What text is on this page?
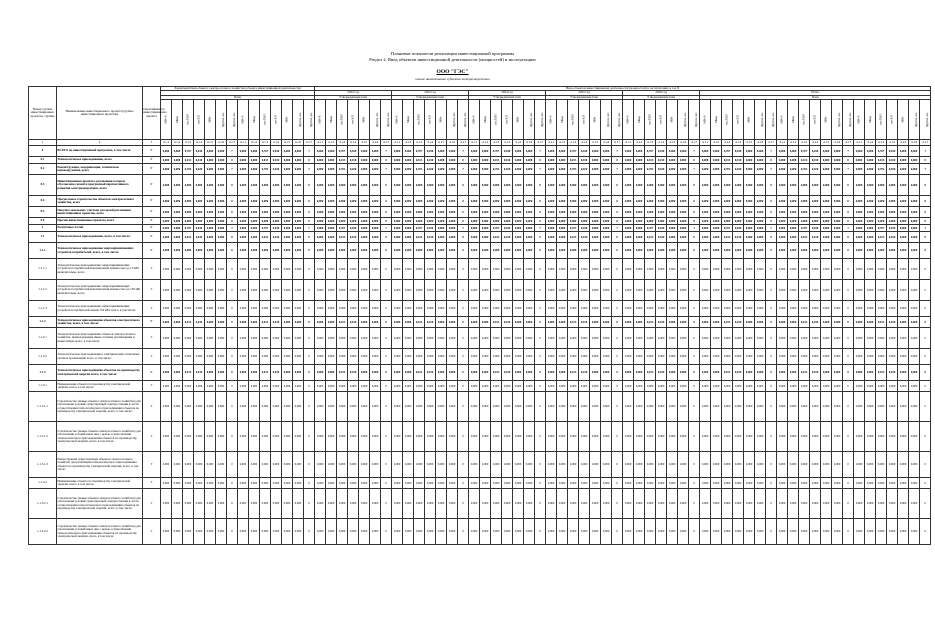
Плановые показатели реализации инвестиционной программы
Раздел 2. Ввод объектов инвестиционной деятельности (мощностей) в эксплуатацию
ООО "ГЭС"
полное наименование субъекта электроэнергетики
Номер группы инвестиционных проектов, группы	Наименование инвестиционного проекта (группы инвестиционных проектов)	Идентификатор инвестиционного проекта	Характеристики объекта электросетевого хозяйства (объекта инвестиционной деятельности)	Ввод объектов инвестиционной деятельности (мощностей) в эксплуатацию в год N
	2022 год	2023 год	2024 год	2025 год	2026 год	Итого
План	Утвержденный план	Утвержденный план	Утвержденный план	Утвержденный план	Утвержденный план	План
МВ×А	Мвар	км ЛЭП	км КЛ	МВт	Другое, шт.	Другое, шт.	МВ×А	Мвар	км ЛЭП	км КЛ	МВт	Другое, шт.	Другое, шт.	МВ×А	Мвар	км ЛЭП	км КЛ	МВт	Другое, шт.	Другое, шт.	МВ×А	Мвар	км ЛЭП	км КЛ	МВт	Другое, шт.	Другое, шт.	МВ×А	Мвар	км ЛЭП	км КЛ	МВт	Другое, шт.	Другое, шт.	МВ×А	Мвар	км ЛЭП	км КЛ	МВт	Другое, шт.	Другое, шт.	МВ×А	Мвар	км ЛЭП	км КЛ	МВт	Другое, шт.	Другое, шт.	МВ×А	Мвар	км ЛЭП	км КЛ	МВт	Другое, шт.	Другое, шт.	МВ×А	Мвар	км ЛЭП	км КЛ	МВт	Другое, шт.	Другое, шт.	МВ×А	Мвар	км ЛЭП	км КЛ	МВт	Другое, шт.	Другое, шт.
1	2	3	4.1.1	4.1.2	4.1.3	4.1.4	4.1.5	4.1.6	4.1.7	4.1.1	4.1.2	4.1.3	4.1.4	4.1.5	4.1.6	4.1.7	4.1.1	4.1.2	4.1.3	4.1.4	4.1.5	4.1.6	4.1.7	4.1.1	4.1.2	4.1.3	4.1.4	4.1.5	4.1.6	4.1.7	4.1.1	4.1.2	4.1.3	4.1.4	4.1.5	4.1.6	4.1.7	4.1.1	4.1.2	4.1.3	4.1.4	4.1.5	4.1.6	4.1.7	4.1.1	4.1.2	4.1.3	4.1.4	4.1.5	4.1.6	4.1.7	4.1.1	4.1.2	4.1.3	4.1.4	4.1.5	4.1.6	4.1.7	4.1.1	4.1.2	4.1.3	4.1.4	4.1.5	4.1.6	4.1.7	4.1.1	4.1.2	4.1.3	4.1.4	4.1.5	4.1.6	4.1.7
0	ВСЕГО по инвестиционной программе, в том числе:	Г	0,000	0,000	0,707	0,030	0,000	0,000	7	0,000	0,000	0,707	0,030	0,000	0,000	7	0,000	0,000	0,707	0,030	0,000	0,000	7	0,000	0,000	0,707	0,030	0,000	0,000	7	0,000	0,000	0,707	0,030	0,000	0,000	7	0,000	0,000	0,707	0,030	0,000	0,000	7	0,000	0,000	0,707	0,030	0,000	0,000	7	0,000	0,000	0,707	0,030	0,000	0,000	7	0,000	0,000	0,707	0,030	0,000	0,000	7	0,000	0,000	0,707	0,030	0,000	0,000	7
0.1	Технологическое присоединение, всего	Г	0,000	0,000	0,013	0,010	0,000	0,000	0	0,000	0,000	0,013	0,010	0,000	0,000	0	0,000	0,000	0,013	0,010	0,000	0,000	0	0,000	0,000	0,013	0,010	0,000	0,000	0	0,000	0,000	0,013	0,010	0,000	0,000	0	0,000	0,000	0,013	0,010	0,000	0,000	0	0,000	0,000	0,013	0,010	0,000	0,000	0	0,000	0,000	0,013	0,010	0,000	0,000	0	0,000	0,000	0,013	0,010	0,000	0,000	0	0,000	0,000	0,013	0,010	0,000	0,000	0
0.2	Реконструкция, модернизация, техническое перевооружение, всего	Г	0,000	0,000	0,703	0,020	0,000	0,000	7	0,000	0,000	0,703	0,020	0,000	0,000	7	0,000	0,000	0,703	0,020	0,000	0,000	7	0,000	0,000	0,703	0,020	0,000	0,000	7	0,000	0,000	0,703	0,020	0,000	0,000	7	0,000	0,000	0,703	0,020	0,000	0,000	7	0,000	0,000	0,703	0,020	0,000	0,000	7	0,000	0,000	0,703	0,020	0,000	0,000	7	0,000	0,000	0,703	0,020	0,000	0,000	7	0,000	0,000	0,703	0,020	0,000	0,000	7
0.3	Инвестиционные проекты, реализация которых обусловлена схемой и программой перспективного развития электроэнергетики, всего	Г	0,000	0,000	0,000	0,000	0,000	0,000	0	0,000	0,000	0,000	0,000	0,000	0,000	0	0,000	0,000	0,000	0,000	0,000	0,000	0	0,000	0,000	0,000	0,000	0,000	0,000	0	0,000	0,000	0,000	0,000	0,000	0,000	0	0,000	0,000	0,000	0,000	0,000	0,000	0	0,000	0,000	0,000	0,000	0,000	0,000	0	0,000	0,000	0,000	0,000	0,000	0,000	0	0,000	0,000	0,000	0,000	0,000	0,000	0	0,000	0,000	0,000	0,000	0,000	0,000	0
0.4	Прочее новое строительство объектов электросетевого хозяйства, всего	Г	0,000	0,000	0,000	0,000	0,000	0,000	0	0,000	0,000	0,000	0,000	0,000	0,000	0	0,000	0,000	0,000	0,000	0,000	0,000	0	0,000	0,000	0,000	0,000	0,000	0,000	0	0,000	0,000	0,000	0,000	0,000	0,000	0	0,000	0,000	0,000	0,000	0,000	0,000	0	0,000	0,000	0,000	0,000	0,000	0,000	0	0,000	0,000	0,000	0,000	0,000	0,000	0	0,000	0,000	0,000	0,000	0,000	0,000	0	0,000	0,000	0,000	0,000	0,000	0,000	0
0.5	Покупка земельных участков для целей реализации инвестиционных проектов, всего	Г	0,000	0,000	0,000	0,000	0,000	0,000	0	0,000	0,000	0,000	0,000	0,000	0,000	0	0,000	0,000	0,000	0,000	0,000	0,000	0	0,000	0,000	0,000	0,000	0,000	0,000	0	0,000	0,000	0,000	0,000	0,000	0,000	0	0,000	0,000	0,000	0,000	0,000	0,000	0	0,000	0,000	0,000	0,000	0,000	0,000	0	0,000	0,000	0,000	0,000	0,000	0,000	0	0,000	0,000	0,000	0,000	0,000	0,000	0	0,000	0,000	0,000	0,000	0,000	0,000	0
0.6	Прочие инвестиционные проекты, всего	Г	0,000	0,000	0,000	0,000	0,000	0,000	0	0,000	0,000	0,000	0,000	0,000	0,000	0	0,000	0,000	0,000	0,000	0,000	0,000	0	0,000	0,000	0,000	0,000	0,000	0,000	0	0,000	0,000	0,000	0,000	0,000	0,000	0	0,000	0,000	0,000	0,000	0,000	0,000	0	0,000	0,000	0,000	0,000	0,000	0,000	0	0,000	0,000	0,000	0,000	0,000	0,000	0	0,000	0,000	0,000	0,000	0,000	0,000	0	0,000	0,000	0,000	0,000	0,000	0,000	0
1	Республика Алтай	Г	0,000	0,000	0,707	0,030	0,000	0,000	7	0,000	0,000	0,707	0,030	0,000	0,000	7	0,000	0,000	0,707	0,030	0,000	0,000	7	0,000	0,000	0,707	0,030	0,000	0,000	7	0,000	0,000	0,707	0,030	0,000	0,000	7	0,000	0,000	0,707	0,030	0,000	0,000	7	0,000	0,000	0,707	0,030	0,000	0,000	7	0,000	0,000	0,707	0,030	0,000	0,000	7	0,000	0,000	0,707	0,030	0,000	0,000	7	0,000	0,000	0,707	0,030	0,000	0,000	7
1.1	Технологическое присоединение, всего, в том числе:	Г	0,000	0,000	0,013	0,010	0,000	0,000	0	0,000	0,000	0,013	0,010	0,000	0,000	0	0,000	0,000	0,013	0,010	0,000	0,000	0	0,000	0,000	0,013	0,010	0,000	0,000	0	0,000	0,000	0,013	0,010	0,000	0,000	0	0,000	0,000	0,013	0,010	0,000	0,000	0	0,000	0,000	0,013	0,010	0,000	0,000	0	0,000	0,000	0,013	0,010	0,000	0,000	0	0,000	0,000	0,013	0,010	0,000	0,000	0	0,000	0,000	0,013	0,010	0,000	0,000	0
1.1.1	Технологическое присоединение энергопринимающих устройств потребителей, всего, в том числе:	Г	0,000	0,000	0,000	0,000	0,000	0,000	0	0,000	0,000	0,000	0,000	0,000	0,000	0	0,000	0,000	0,000	0,000	0,000	0,000	0	0,000	0,000	0,000	0,000	0,000	0,000	0	0,000	0,000	0,000	0,000	0,000	0,000	0	0,000	0,000	0,000	0,000	0,000	0,000	0	0,000	0,000	0,000	0,000	0,000	0,000	0	0,000	0,000	0,000	0,000	0,000	0,000	0	0,000	0,000	0,000	0,000	0,000	0,000	0	0,000	0,000	0,000	0,000	0,000	0,000	0
1.1.1.1	Технологическое присоединение энергопринимающих устройств потребителей максимальной мощностью до 15 кВт включительно, всего	Г	0,000	0,000	0,000	0,000	0,000	0,000	0	0,000	0,000	0,000	0,000	0,000	0,000	0	0,000	0,000	0,000	0,000	0,000	0,000	0	0,000	0,000	0,000	0,000	0,000	0,000	0	0,000	0,000	0,000	0,000	0,000	0,000	0	0,000	0,000	0,000	0,000	0,000	0,000	0	0,000	0,000	0,000	0,000	0,000	0,000	0	0,000	0,000	0,000	0,000	0,000	0,000	0	0,000	0,000	0,000	0,000	0,000	0,000	0	0,000	0,000	0,000	0,000	0,000	0,000	0
1.1.1.2	Технологическое присоединение энергопринимающих устройств потребителей максимальной мощностью до 150 кВт включительно, всего	Г	0,000	0,000	0,000	0,000	0,000	0,000	0	0,000	0,000	0,000	0,000	0,000	0,000	0	0,000	0,000	0,000	0,000	0,000	0,000	0	0,000	0,000	0,000	0,000	0,000	0,000	0	0,000	0,000	0,000	0,000	0,000	0,000	0	0,000	0,000	0,000	0,000	0,000	0,000	0	0,000	0,000	0,000	0,000	0,000	0,000	0	0,000	0,000	0,000	0,000	0,000	0,000	0	0,000	0,000	0,000	0,000	0,000	0,000	0	0,000	0,000	0,000	0,000	0,000	0,000	0
1.1.1.3	Технологическое присоединение энергопринимающих устройств потребителей свыше 150 кВт, всего, в том числе:	Г	0,000	0,000	0,000	0,000	0,000	0,000	0	0,000	0,000	0,000	0,000	0,000	0,000	0	0,000	0,000	0,000	0,000	0,000	0,000	0	0,000	0,000	0,000	0,000	0,000	0,000	0	0,000	0,000	0,000	0,000	0,000	0,000	0	0,000	0,000	0,000	0,000	0,000	0,000	0	0,000	0,000	0,000	0,000	0,000	0,000	0	0,000	0,000	0,000	0,000	0,000	0,000	0	0,000	0,000	0,000	0,000	0,000	0,000	0	0,000	0,000	0,000	0,000	0,000	0,000	0
1.1.2	Технологическое присоединение объектов электросетевого хозяйства, всего, в том числе:	Г	0,000	0,000	0,013	0,010	0,000	0,000	0	0,000	0,000	0,013	0,010	0,000	0,000	0	0,000	0,000	0,013	0,010	0,000	0,000	0	0,000	0,000	0,013	0,010	0,000	0,000	0	0,000	0,000	0,013	0,010	0,000	0,000	0	0,000	0,000	0,013	0,010	0,000	0,000	0	0,000	0,000	0,013	0,010	0,000	0,000	0	0,000	0,000	0,013	0,010	0,000	0,000	0	0,000	0,000	0,013	0,010	0,000	0,000	0	0,000	0,000	0,013	0,010	0,000	0,000	0
1.1.2.1	Технологическое присоединение объектов электросетевого хозяйства, принадлежащих иным сетевым организациям и иным лицам, всего, в том числе:	Г	0,000	0,000	0,000	0,000	0,000	0,000	0	0,000	0,000	0,000	0,000	0,000	0,000	0	0,000	0,000	0,000	0,000	0,000	0,000	0	0,000	0,000	0,000	0,000	0,000	0,000	0	0,000	0,000	0,000	0,000	0,000	0,000	0	0,000	0,000	0,000	0,000	0,000	0,000	0	0,000	0,000	0,000	0,000	0,000	0,000	0	0,000	0,000	0,000	0,000	0,000	0,000	0	0,000	0,000	0,000	0,000	0,000	0,000	0	0,000	0,000	0,000	0,000	0,000	0,000	0
1.1.2.2	Технологическое присоединение к электрическим сетям иных сетевых организаций, всего, в том числе:	Г	0,000	0,000	0,000	0,000	0,000	0,000	0	0,000	0,000	0,000	0,000	0,000	0,000	0	0,000	0,000	0,000	0,000	0,000	0,000	0	0,000	0,000	0,000	0,000	0,000	0,000	0	0,000	0,000	0,000	0,000	0,000	0,000	0	0,000	0,000	0,000	0,000	0,000	0,000	0	0,000	0,000	0,000	0,000	0,000	0,000	0	0,000	0,000	0,000	0,000	0,000	0,000	0	0,000	0,000	0,000	0,000	0,000	0,000	0	0,000	0,000	0,000	0,000	0,000	0,000	0
1.1.3	Технологическое присоединение объектов по производству электрической энергии всего, в том числе:	Г	0,000	0,000	0,013	0,010	0,000	0,000	0	0,000	0,000	0,013	0,010	0,000	0,000	0	0,000	0,000	0,013	0,010	0,000	0,000	0	0,000	0,000	0,013	0,010	0,000	0,000	0	0,000	0,000	0,013	0,010	0,000	0,000	0	0,000	0,000	0,013	0,010	0,000	0,000	0	0,000	0,000	0,013	0,010	0,000	0,000	0	0,000	0,000	0,013	0,010	0,000	0,000	0	0,000	0,000	0,013	0,010	0,000	0,000	0	0,000	0,000	0,013	0,010	0,000	0,000	0
1.1.3.1	Наименование объекта по производству электрической энергии, всего, в том числе:	Г	0,000	0,000	0,000	0,000	0,000	0,000	0	0,000	0,000	0,000	0,000	0,000	0,000	0	0,000	0,000	0,000	0,000	0,000	0,000	0	0,000	0,000	0,000	0,000	0,000	0,000	0	0,000	0,000	0,000	0,000	0,000	0,000	0	0,000	0,000	0,000	0,000	0,000	0,000	0	0,000	0,000	0,000	0,000	0,000	0,000	0	0,000	0,000	0,000	0,000	0,000	0,000	0	0,000	0,000	0,000	0,000	0,000	0,000	0	0,000	0,000	0,000	0,000	0,000	0,000	0
1.1.3.1.1	Строительство (новые объекты электросетевого хозяйства) для обеспечения условий существующей электростанции в части осуществления технологического присоединения объектов по производству электрической энергии, всего, в том числе:	Г	0,000	0,000	0,000	0,000	0,000	0,000	0	0,000	0,000	0,000	0,000	0,000	0,000	0	0,000	0,000	0,000	0,000	0,000	0,000	0	0,000	0,000	0,000	0,000	0,000	0,000	0	0,000	0,000	0,000	0,000	0,000	0,000	0	0,000	0,000	0,000	0,000	0,000	0,000	0	0,000	0,000	0,000	0,000	0,000	0,000	0	0,000	0,000	0,000	0,000	0,000	0,000	0	0,000	0,000	0,000	0,000	0,000	0,000	0	0,000	0,000	0,000	0,000	0,000	0,000	0
1.1.3.1.2	Строительство (новые объекты электросетевого хозяйства) для обеспечения условий иных лиц с целью осуществления технологического присоединения объектов по производству электрической энергии, всего, в том числе:	Г	0,000	0,000	0,000	0,000	0,000	0,000	0	0,000	0,000	0,000	0,000	0,000	0,000	0	0,000	0,000	0,000	0,000	0,000	0,000	0	0,000	0,000	0,000	0,000	0,000	0,000	0	0,000	0,000	0,000	0,000	0,000	0,000	0	0,000	0,000	0,000	0,000	0,000	0,000	0	0,000	0,000	0,000	0,000	0,000	0,000	0	0,000	0,000	0,000	0,000	0,000	0,000	0	0,000	0,000	0,000	0,000	0,000	0,000	0	0,000	0,000	0,000	0,000	0,000	0,000	0
1.1.3.1.3	Реконструкция существующих объектов электросетевого хозяйства для реализации технологического присоединения объекта по производству электрической энергии, всего, в том числе:	Г	0,000	0,000	0,000	0,000	0,000	0,000	0	0,000	0,000	0,000	0,000	0,000	0,000	0	0,000	0,000	0,000	0,000	0,000	0,000	0	0,000	0,000	0,000	0,000	0,000	0,000	0	0,000	0,000	0,000	0,000	0,000	0,000	0	0,000	0,000	0,000	0,000	0,000	0,000	0	0,000	0,000	0,000	0,000	0,000	0,000	0	0,000	0,000	0,000	0,000	0,000	0,000	0	0,000	0,000	0,000	0,000	0,000	0,000	0	0,000	0,000	0,000	0,000	0,000	0,000	0
1.1.3.2	Наименование объекта по производству электрической энергии, всего, в том числе:	Г	0,000	0,000	0,000	0,000	0,000	0,000	0	0,000	0,000	0,000	0,000	0,000	0,000	0	0,000	0,000	0,000	0,000	0,000	0,000	0	0,000	0,000	0,000	0,000	0,000	0,000	0	0,000	0,000	0,000	0,000	0,000	0,000	0	0,000	0,000	0,000	0,000	0,000	0,000	0	0,000	0,000	0,000	0,000	0,000	0,000	0	0,000	0,000	0,000	0,000	0,000	0,000	0	0,000	0,000	0,000	0,000	0,000	0,000	0	0,000	0,000	0,000	0,000	0,000	0,000	0
1.1.3.2.1	Строительство (новые объекты электросетевого хозяйства) для обеспечения условий существующей электростанции в части осуществления технологического присоединения объектов по производству электрической энергии, всего, в том числе:	Г	0,000	0,000	0,000	0,000	0,000	0,000	0	0,000	0,000	0,000	0,000	0,000	0,000	0	0,000	0,000	0,000	0,000	0,000	0,000	0	0,000	0,000	0,000	0,000	0,000	0,000	0	0,000	0,000	0,000	0,000	0,000	0,000	0	0,000	0,000	0,000	0,000	0,000	0,000	0	0,000	0,000	0,000	0,000	0,000	0,000	0	0,000	0,000	0,000	0,000	0,000	0,000	0	0,000	0,000	0,000	0,000	0,000	0,000	0	0,000	0,000	0,000	0,000	0,000	0,000	0
1.1.3.2.2	Строительство (новые объекты электросетевого хозяйства) для обеспечения условий иных лиц с целью осуществления технологического присоединения объектов по производству электрической энергии, всего, в том числе:	Г	0,000	0,000	0,000	0,000	0,000	0,000	0	0,000	0,000	0,000	0,000	0,000	0,000	0	0,000	0,000	0,000	0,000	0,000	0,000	0	0,000	0,000	0,000	0,000	0,000	0,000	0	0,000	0,000	0,000	0,000	0,000	0,000	0	0,000	0,000	0,000	0,000	0,000	0,000	0	0,000	0,000	0,000	0,000	0,000	0,000	0	0,000	0,000	0,000	0,000	0,000	0,000	0	0,000	0,000	0,000	0,000	0,000	0,000	0	0,000	0,000	0,000	0,000	0,000	0,000	0
